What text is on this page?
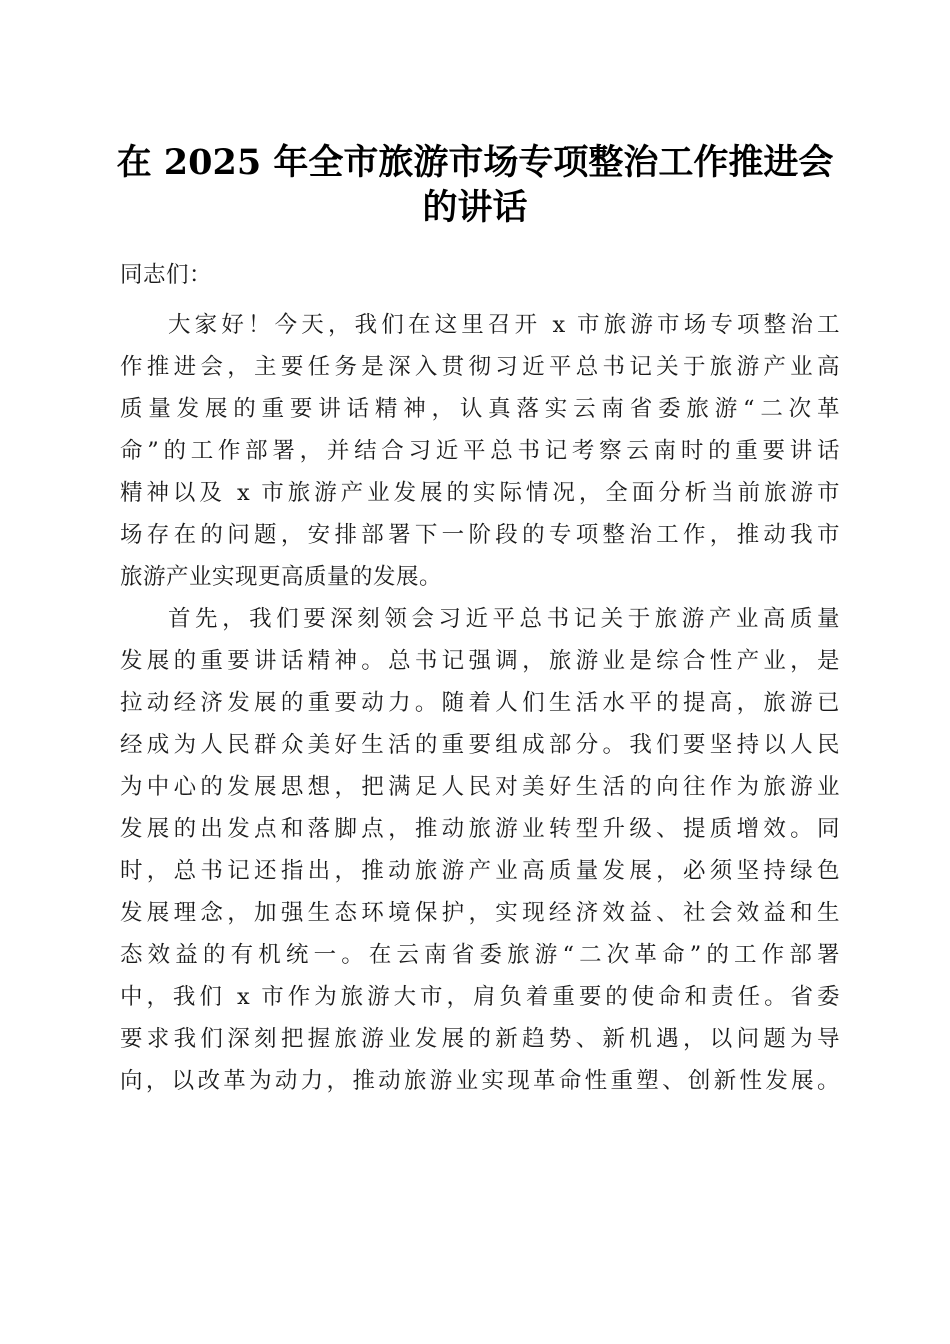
在 2025 年全市旅游市场专项整治工作推进会
的讲话
同志们：
大家好！今天，我们在这里召开 x 市旅游市场专项整治工
作推进会，主要任务是深入贯彻习近平总书记关于旅游产业高
质量发展的重要讲话精神，认真落实云南省委旅游“二次革
命”的工作部署，并结合习近平总书记考察云南时的重要讲话
精神以及 x 市旅游产业发展的实际情况，全面分析当前旅游市
场存在的问题，安排部署下一阶段的专项整治工作，推动我市
旅游产业实现更高质量的发展。
首先，我们要深刻领会习近平总书记关于旅游产业高质量
发展的重要讲话精神。总书记强调，旅游业是综合性产业，是
拉动经济发展的重要动力。随着人们生活水平的提高，旅游已
经成为人民群众美好生活的重要组成部分。我们要坚持以人民
为中心的发展思想，把满足人民对美好生活的向往作为旅游业
发展的出发点和落脚点，推动旅游业转型升级、提质增效。同
时，总书记还指出，推动旅游产业高质量发展，必须坚持绿色
发展理念，加强生态环境保护，实现经济效益、社会效益和生
态效益的有机统一。在云南省委旅游“二次革命”的工作部署
中，我们 x 市作为旅游大市，肩负着重要的使命和责任。省委
要求我们深刻把握旅游业发展的新趋势、新机遇，以问题为导
向，以改革为动力，推动旅游业实现革命性重塑、创新性发展。
